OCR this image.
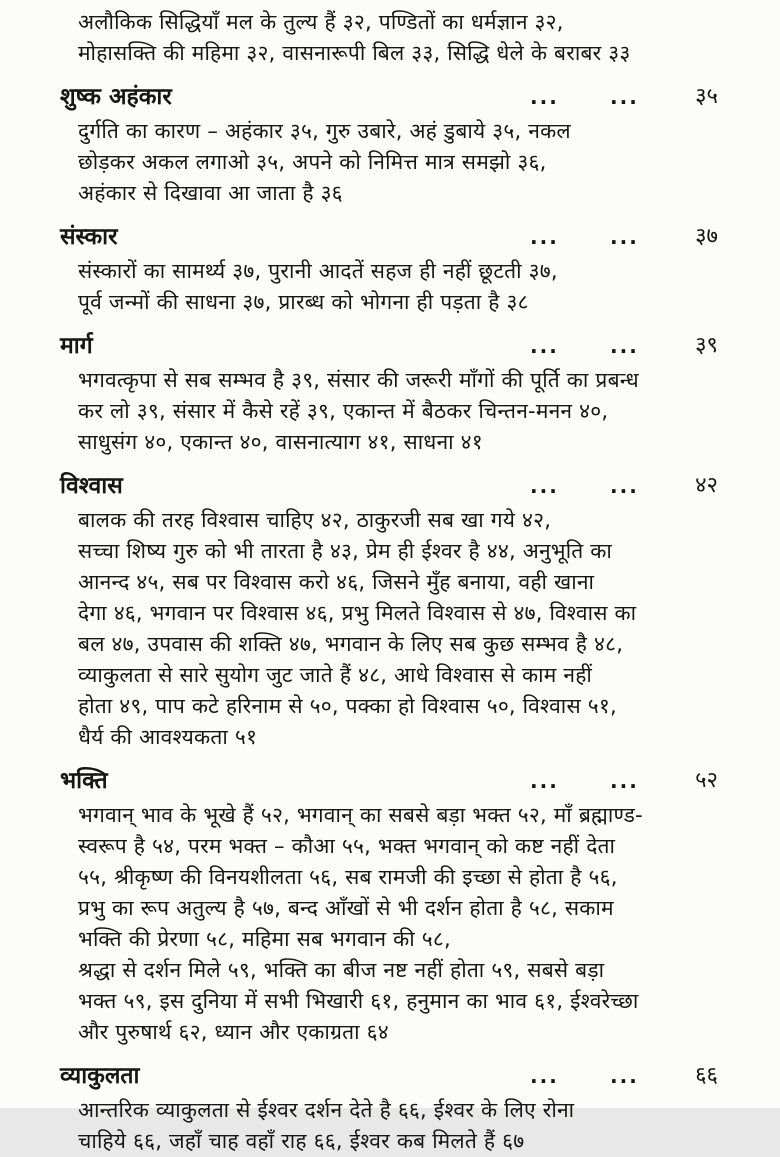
अलौकिक सिद्धियाँ मल के तुल्य हैं ३२, पण्डितों का धर्मज्ञान ३२,
मोहासक्ति की महिमा ३२, वासनारूपी बिल ३३, सिद्धि धेले के बराबर ३३
शुष्क अहंकार	...	...	३५
दुर्गति का कारण – अहंकार ३५, गुरु उबारे, अहं डुबाये ३५, नकल
छोड़कर अकल लगाओ ३५, अपने को निमित्त मात्र समझो ३६,
अहंकार से दिखावा आ जाता है ३६
संस्कार	...	...	३७
संस्कारों का सामर्थ्य ३७, पुरानी आदतें सहज ही नहीं छूटती ३७,
पूर्व जन्मों की साधना ३७, प्रारब्ध को भोगना ही पड़ता है ३८
मार्ग	...	...	३९
भगवत्कृपा से सब सम्भव है ३९, संसार की जरूरी माँगों की पूर्ति का प्रबन्ध
कर लो ३९, संसार में कैसे रहें ३९, एकान्त में बैठकर चिन्तन-मनन ४०,
साधुसंग ४०, एकान्त ४०, वासनात्याग ४१, साधना ४१
विश्वास	...	...	४२
बालक की तरह विश्वास चाहिए ४२, ठाकुरजी सब खा गये ४२,
सच्चा शिष्य गुरु को भी तारता है ४३, प्रेम ही ईश्वर है ४४, अनुभूति का
आनन्द ४५, सब पर विश्वास करो ४६, जिसने मुँह बनाया, वही खाना
देगा ४६, भगवान पर विश्वास ४६, प्रभु मिलते विश्वास से ४७, विश्वास का
बल ४७, उपवास की शक्ति ४७, भगवान के लिए सब कुछ सम्भव है ४८,
व्याकुलता से सारे सुयोग जुट जाते हैं ४८, आधे विश्वास से काम नहीं
होता ४९, पाप कटे हरिनाम से ५०, पक्का हो विश्वास ५०, विश्वास ५१,
धैर्य की आवश्यकता ५१
भक्ति	...	...	५२
भगवान् भाव के भूखे हैं ५२, भगवान् का सबसे बड़ा भक्त ५२, माँ ब्रह्माण्ड-
स्वरूप है ५४, परम भक्त – कौआ ५५, भक्त भगवान् को कष्ट नहीं देता
५५, श्रीकृष्ण की विनयशीलता ५६, सब रामजी की इच्छा से होता है ५६,
प्रभु का रूप अतुल्य है ५७, बन्द आँखों से भी दर्शन होता है ५८, सकाम
भक्ति की प्रेरणा ५८, महिमा सब भगवान की ५८,
श्रद्धा से दर्शन मिले ५९, भक्ति का बीज नष्ट नहीं होता ५९, सबसे बड़ा
भक्त ५९, इस दुनिया में सभी भिखारी ६१, हनुमान का भाव ६१, ईश्वरेच्छा
और पुरुषार्थ ६२, ध्यान और एकाग्रता ६४
व्याकुलता	...	...	६६
आन्तरिक व्याकुलता से ईश्वर दर्शन देते है ६६, ईश्वर के लिए रोना
चाहिये ६६, जहाँ चाह वहाँ राह ६६, ईश्वर कब मिलते हैं ६७
